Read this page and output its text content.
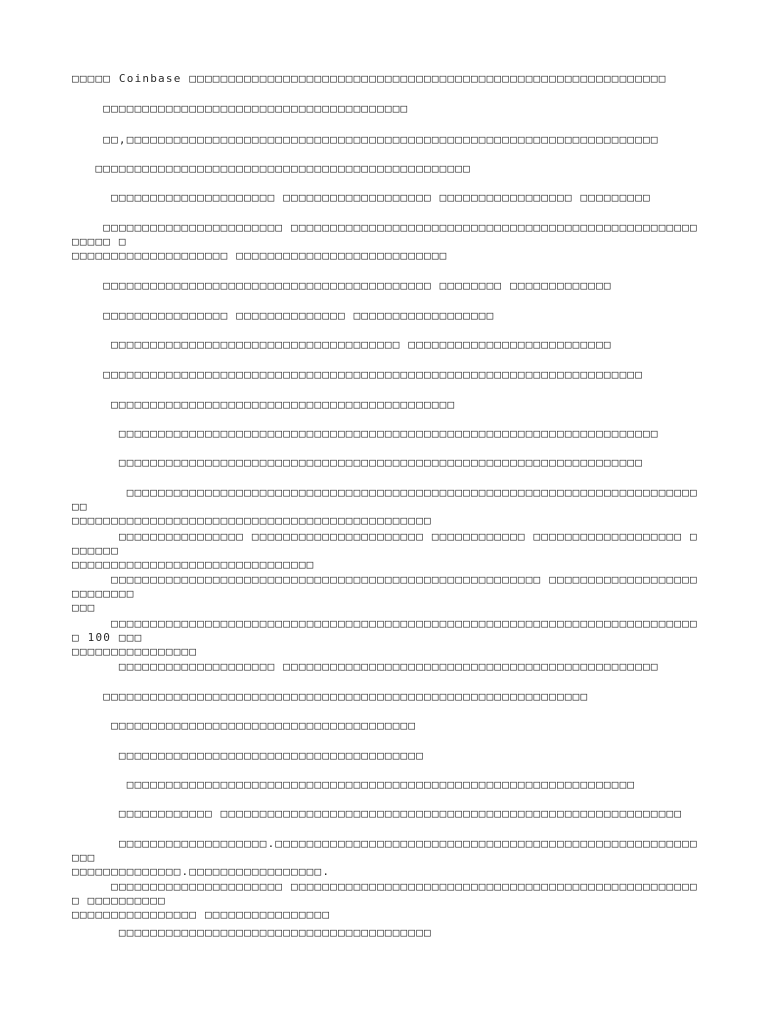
□□□□□ Coinbase □□□□□□□□□□□□□□□□□□□□□□□□□□□□□□□□□□□□□□□□□□□□□□□□□□□□□□□□□□□□□
□□□□□□□□□□□□□□□□□□□□□□□□□□□□□□□□□□□□□□□
□□,□□□□□□□□□□□□□□□□□□□□□□□□□□□□□□□□□□□□□□□□□□□□□□□□□□□□□□□□□□□□□□□□□□□□
□□□□□□□□□□□□□□□□□□□□□□□□□□□□□□□□□□□□□□□□□□□□□□□□
□□□□□□□□□□□□□□□□□□□□□ □□□□□□□□□□□□□□□□□□□ □□□□□□□□□□□□□□□□□ □□□□□□□□□
□□□□□□□□□□□□□□□□□□□□□□□ □□□□□□□□□□□□□□□□□□□□□□□□□□□□□□□□□□□□□□□□□□□□□□□□□□□□□□□□□ □
□□□□□□□□□□□□□□□□□□□□ □□□□□□□□□□□□□□□□□□□□□□□□□□□
□□□□□□□□□□□□□□□□□□□□□□□□□□□□□□□□□□□□□□□□□□ □□□□□□□□ □□□□□□□□□□□□□
□□□□□□□□□□□□□□□□ □□□□□□□□□□□□□□ □□□□□□□□□□□□□□□□□□
□□□□□□□□□□□□□□□□□□□□□□□□□□□□□□□□□□□□□ □□□□□□□□□□□□□□□□□□□□□□□□□□
□□□□□□□□□□□□□□□□□□□□□□□□□□□□□□□□□□□□□□□□□□□□□□□□□□□□□□□□□□□□□□□□□□□□□
□□□□□□□□□□□□□□□□□□□□□□□□□□□□□□□□□□□□□□□□□□□□
□□□□□□□□□□□□□□□□□□□□□□□□□□□□□□□□□□□□□□□□□□□□□□□□□□□□□□□□□□□□□□□□□□□□□
□□□□□□□□□□□□□□□□□□□□□□□□□□□□□□□□□□□□□□□□□□□□□□□□□□□□□□□□□□□□□□□□□□□
□□□□□□□□□□□□□□□□□□□□□□□□□□□□□□□□□□□□□□□□□□□□□□□□□□□□□□□□□□□□□□□□□□□□□□□□□□□
□□□□□□□□□□□□□□□□□□□□□□□□□□□□□□□□□□□□□□□□□□□□□□
□□□□□□□□□□□□□□□□ □□□□□□□□□□□□□□□□□□□□□□ □□□□□□□□□□□□ □□□□□□□□□□□□□□□□□□□ □□□□□□□
□□□□□□□□□□□□□□□□□□□□□□□□□□□□□□□
□□□□□□□□□□□□□□□□□□□□□□□□□□□□□□□□□□□□□□□□□□□□□□□□□□□□□□□ □□□□□□□□□□□□□□□□□□□□□□□□□□□
□□□
□□□□□□□□□□□□□□□□□□□□□□□□□□□□□□□□□□□□□□□□□□□□□□□□□□□□□□□□□□□□□□□□□□□□□□□□□□□□ 100 □□□
□□□□□□□□□□□□□□□□
□□□□□□□□□□□□□□□□□□□□ □□□□□□□□□□□□□□□□□□□□□□□□□□□□□□□□□□□□□□□□□□□□□□□□
□□□□□□□□□□□□□□□□□□□□□□□□□□□□□□□□□□□□□□□□□□□□□□□□□□□□□□□□□□□□□□
□□□□□□□□□□□□□□□□□□□□□□□□□□□□□□□□□□□□□□□
□□□□□□□□□□□□□□□□□□□□□□□□□□□□□□□□□□□□□□□
□□□□□□□□□□□□□□□□□□□□□□□□□□□□□□□□□□□□□□□□□□□□□□□□□□□□□□□□□□□□□□□□□
□□□□□□□□□□□□ □□□□□□□□□□□□□□□□□□□□□□□□□□□□□□□□□□□□□□□□□□□□□□□□□□□□□□□□□□□
□□□□□□□□□□□□□□□□□□□.□□□□□□□□□□□□□□□□□□□□□□□□□□□□□□□□□□□□□□□□□□□□□□□□□□□□□□□□□
□□□□□□□□□□□□□□.□□□□□□□□□□□□□□□□□.
□□□□□□□□□□□□□□□□□□□□□□ □□□□□□□□□□□□□□□□□□□□□□□□□□□□□□□□□□□□□□□□□□□□□□□□□□□□□ □□□□□□□□□□
□□□□□□□□□□□□□□□□ □□□□□□□□□□□□□□□□
□□□□□□□□□□□□□□□□□□□□□□□□□□□□□□□□□□□□□□□□
